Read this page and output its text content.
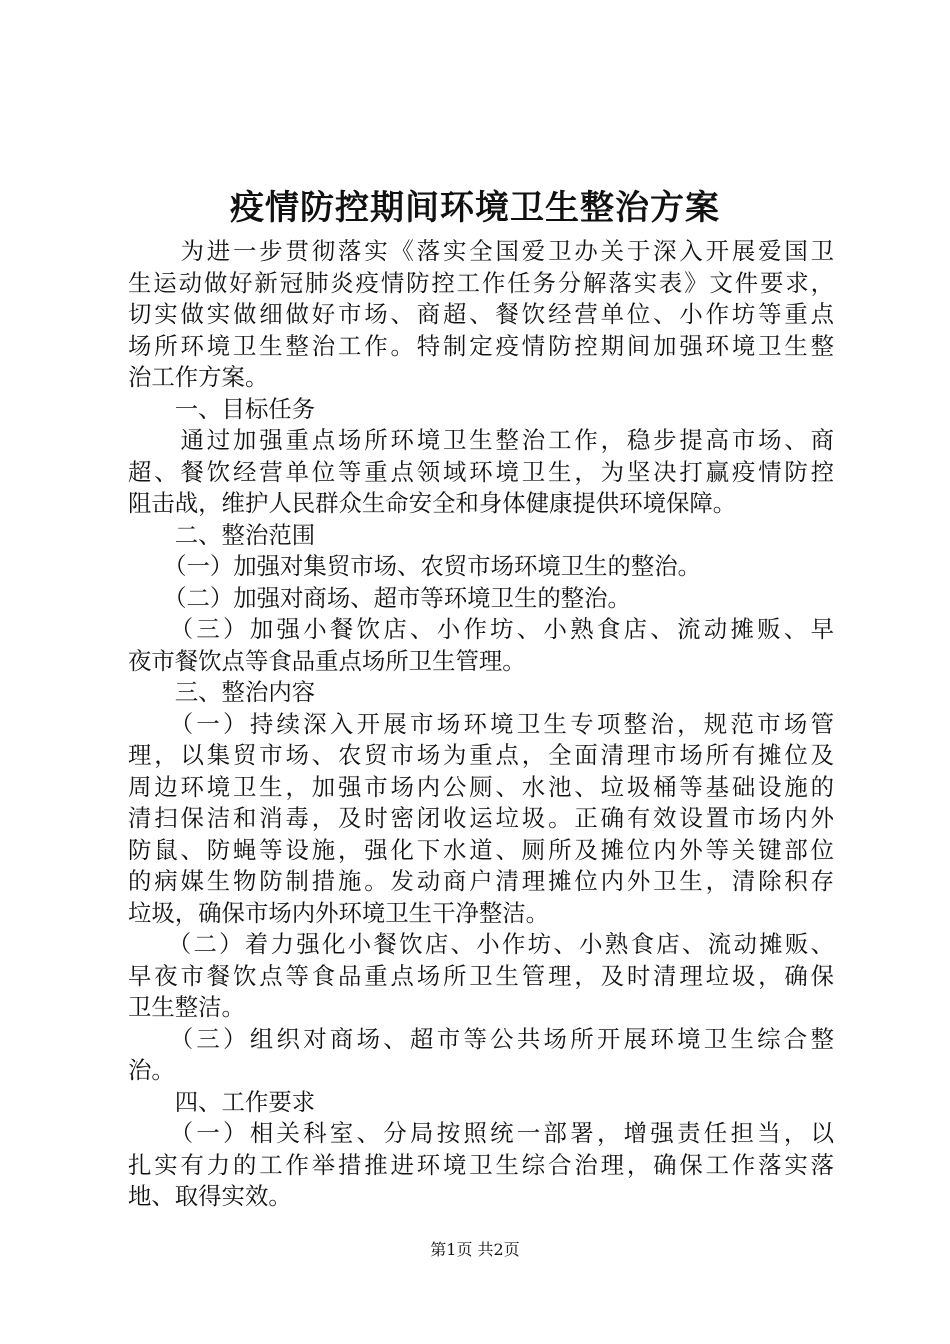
疫情防控期间环境卫生整治方案
　　为进一步贯彻落实《落实全国爱卫办关于深入开展爱国卫
生运动做好新冠肺炎疫情防控工作任务分解落实表》文件要求，
切实做实做细做好市场、商超、餐饮经营单位、小作坊等重点
场所环境卫生整治工作。特制定疫情防控期间加强环境卫生整
治工作方案。
　　一、目标任务
　　通过加强重点场所环境卫生整治工作，稳步提高市场、商
超、餐饮经营单位等重点领域环境卫生，为坚决打赢疫情防控
阻击战，维护人民群众生命安全和身体健康提供环境保障。
　　二、整治范围
　　（一）加强对集贸市场、农贸市场环境卫生的整治。
　　（二）加强对商场、超市等环境卫生的整治。
　　（三）加强小餐饮店、小作坊、小熟食店、流动摊贩、早
夜市餐饮点等食品重点场所卫生管理。
　　三、整治内容
　　（一）持续深入开展市场环境卫生专项整治，规范市场管
理，以集贸市场、农贸市场为重点，全面清理市场所有摊位及
周边环境卫生，加强市场内公厕、水池、垃圾桶等基础设施的
清扫保洁和消毒，及时密闭收运垃圾。正确有效设置市场内外
防鼠、防蝇等设施，强化下水道、厕所及摊位内外等关键部位
的病媒生物防制措施。发动商户清理摊位内外卫生，清除积存
垃圾，确保市场内外环境卫生干净整洁。
　　（二）着力强化小餐饮店、小作坊、小熟食店、流动摊贩、
早夜市餐饮点等食品重点场所卫生管理，及时清理垃圾，确保
卫生整洁。
　　（三）组织对商场、超市等公共场所开展环境卫生综合整
治。
　　四、工作要求
　　（一）相关科室、分局按照统一部署，增强责任担当，以
扎实有力的工作举措推进环境卫生综合治理，确保工作落实落
地、取得实效。
第1页 共2页
